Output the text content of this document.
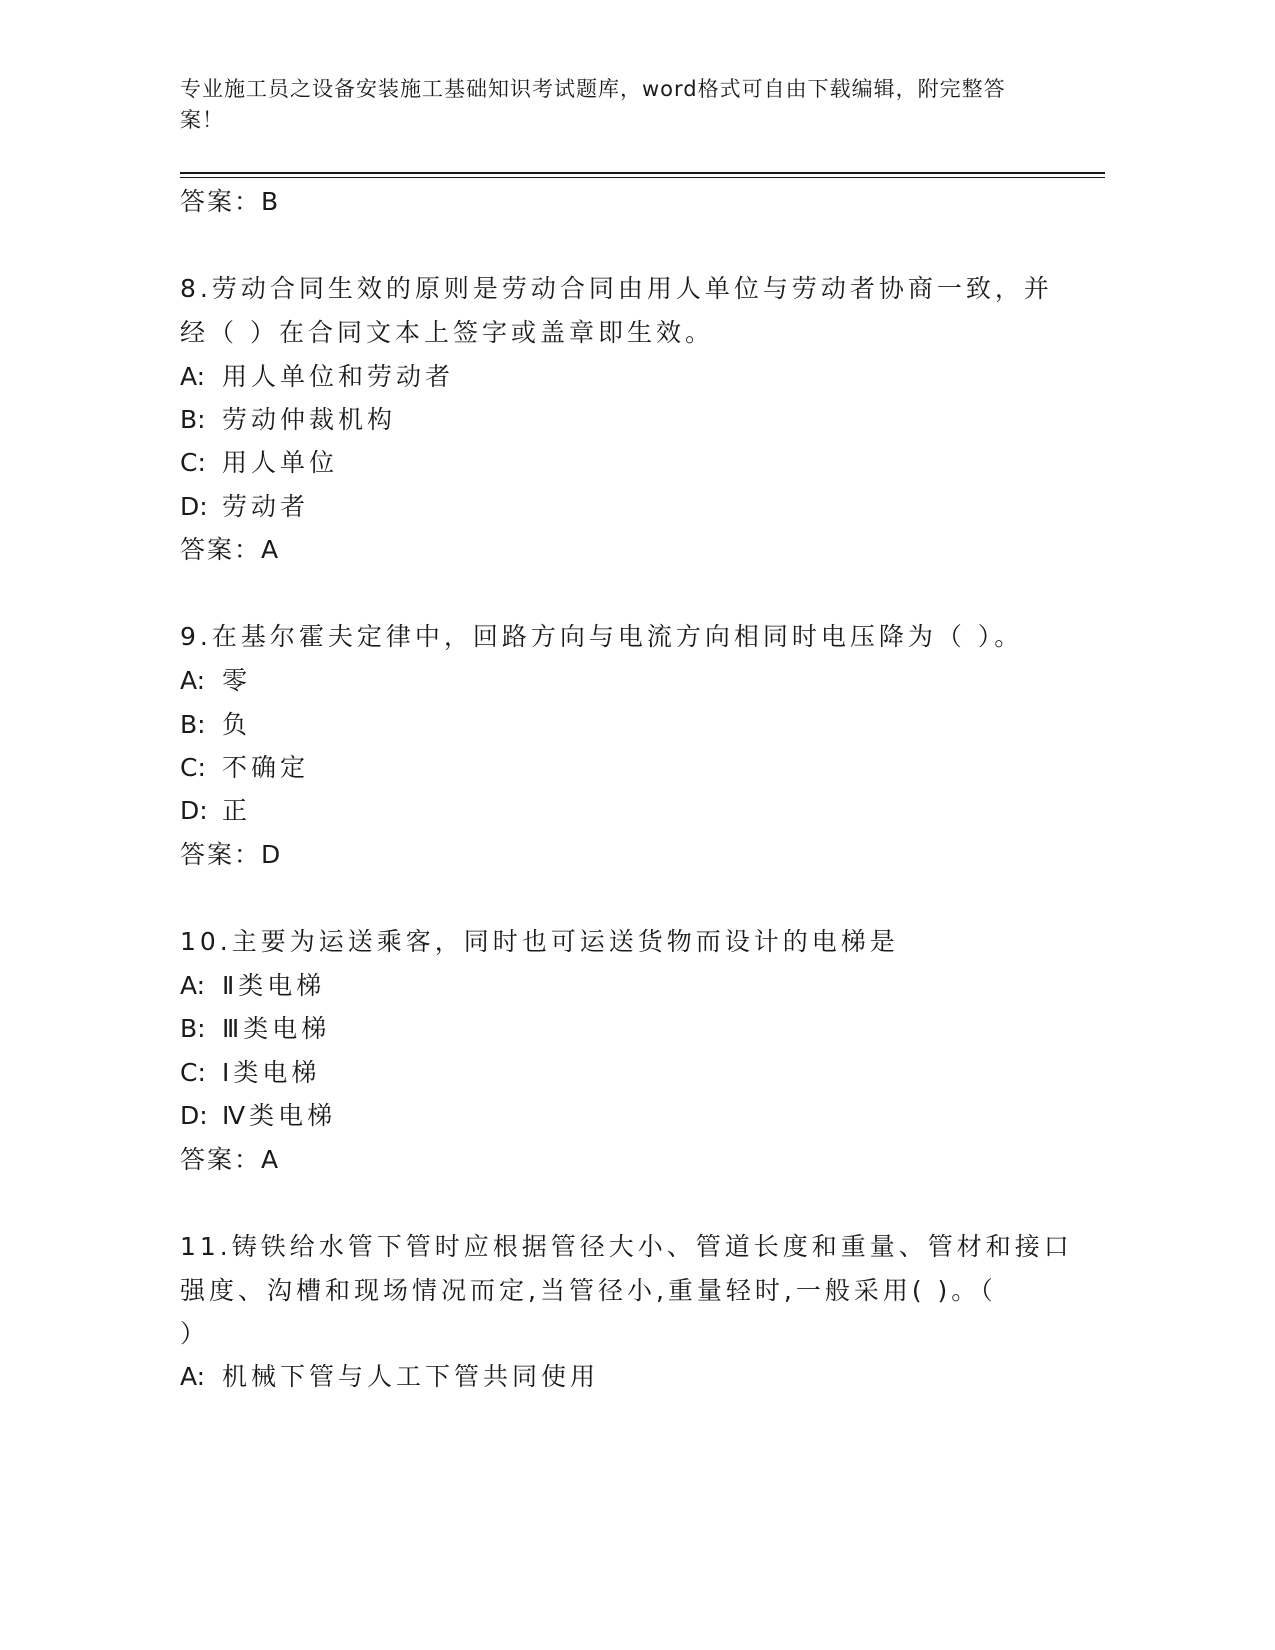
专业施工员之设备安装施工基础知识考试题库，word格式可自由下载编辑，附完整答案！
答案：B
8.劳动合同生效的原则是劳动合同由用人单位与劳动者协商一致，并
经（ ）在合同文本上签字或盖章即生效。
A: 用人单位和劳动者
B: 劳动仲裁机构
C: 用人单位
D: 劳动者
答案：A
9.在基尔霍夫定律中，回路方向与电流方向相同时电压降为（ ）。
A: 零
B: 负
C: 不确定
D: 正
答案：D
10.主要为运送乘客，同时也可运送货物而设计的电梯是
A: Ⅱ类电梯
B: Ⅲ类电梯
C: Ⅰ类电梯
D: Ⅳ类电梯
答案：A
11.铸铁给水管下管时应根据管径大小、管道长度和重量、管材和接口
强度、沟槽和现场情况而定,当管径小,重量轻时,一般采用( )。（
）
A: 机械下管与人工下管共同使用
